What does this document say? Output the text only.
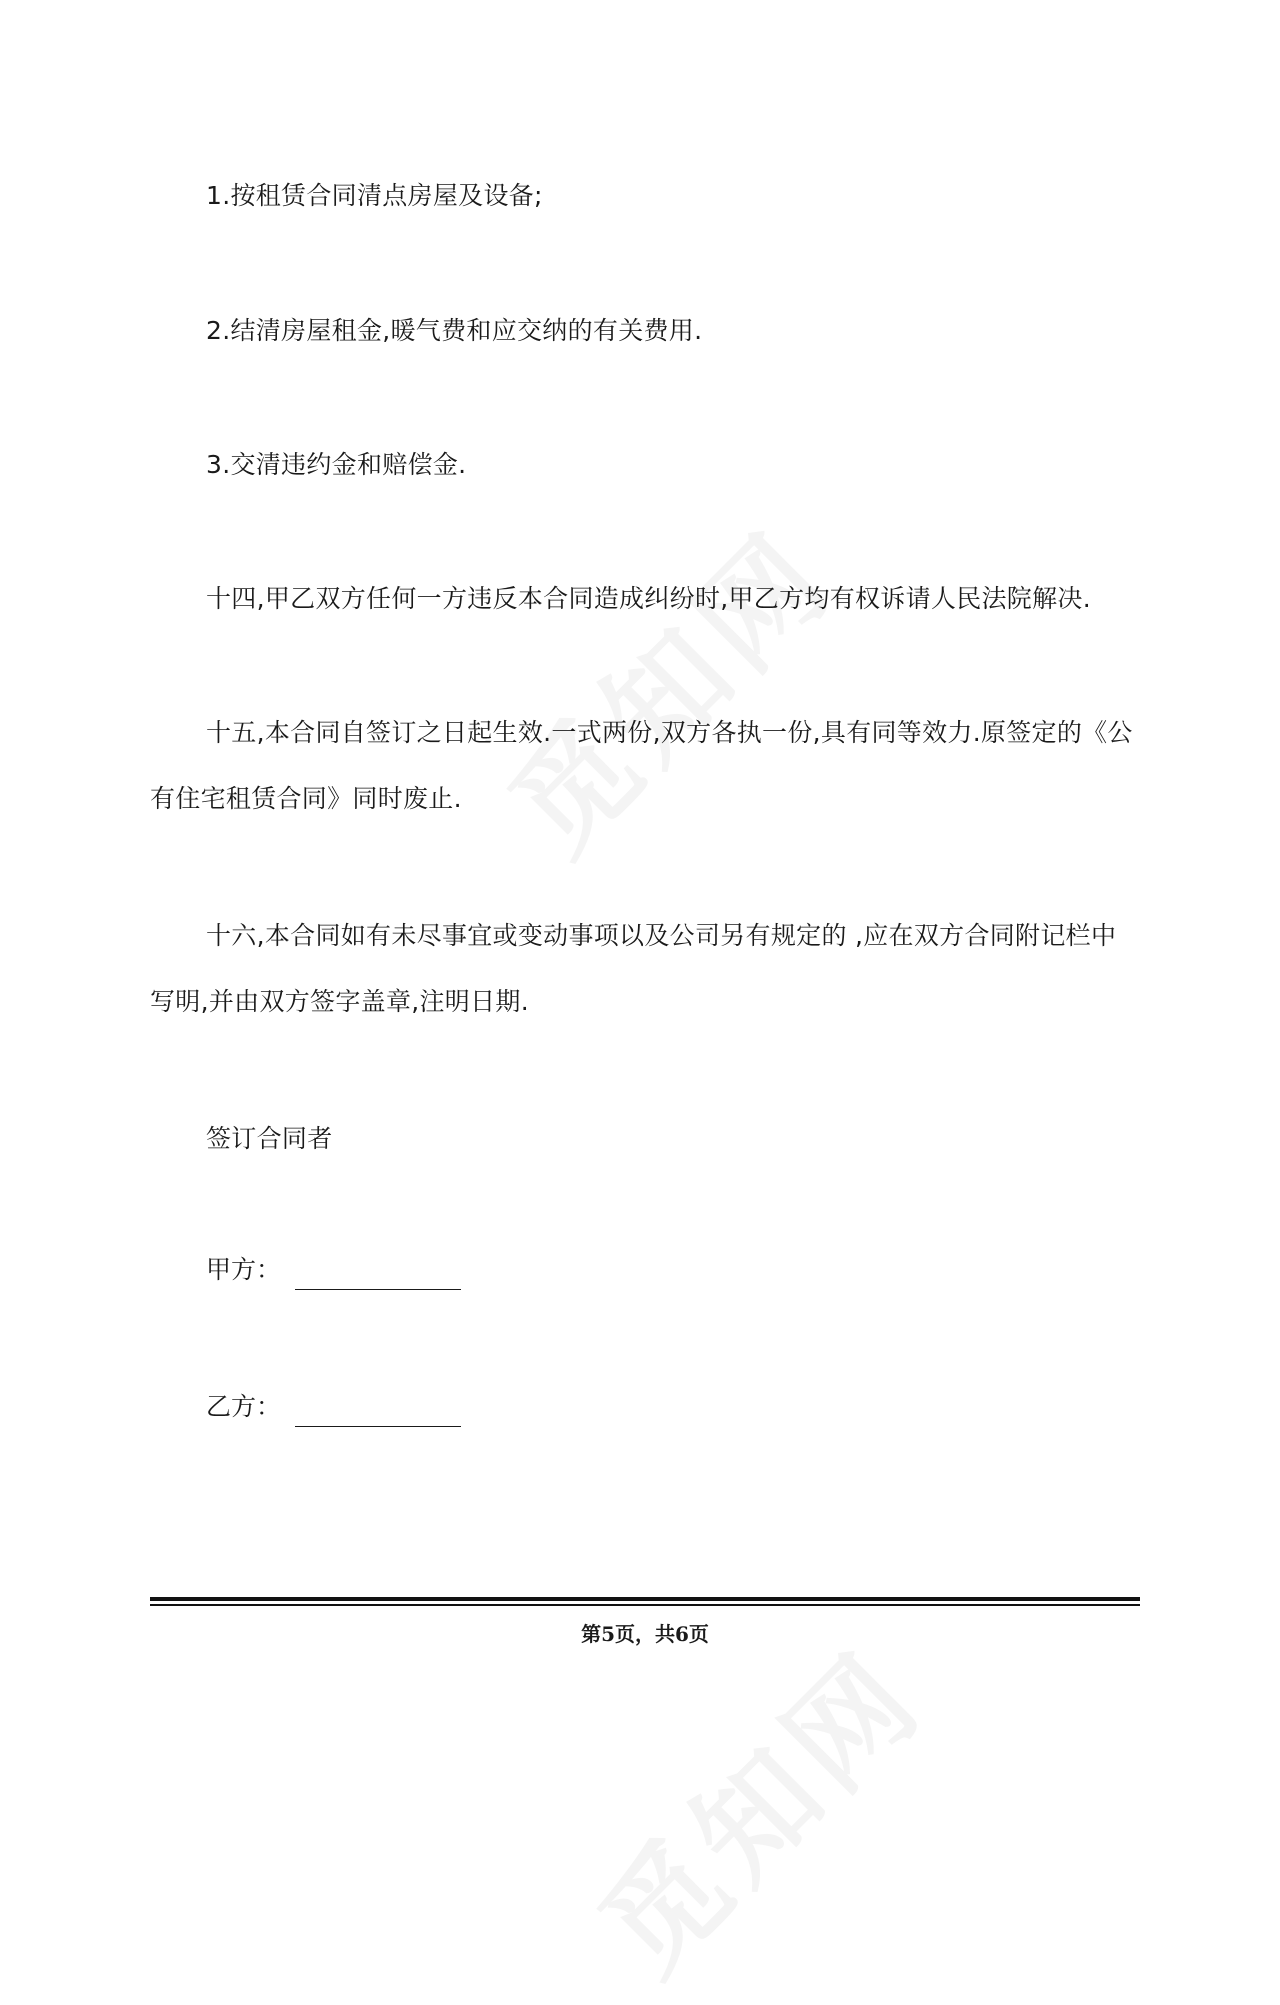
1.按租赁合同清点房屋及设备;

2.结清房屋租金,暖气费和应交纳的有关费用.

3.交清违约金和赔偿金.

十四,甲乙双方任何一方违反本合同造成纠纷时,甲乙方均有权诉请人民法院解决.

十五,本合同自签订之日起生效.一式两份,双方各执一份,具有同等效力.原签定的《公有住宅租赁合同》同时废止.

十六,本合同如有未尽事宜或变动事项以及公司另有规定的 ,应在双方合同附记栏中写明,并由双方签字盖章,注明日期.

签订合同者

甲方：
乙方：
第5页，共6页
